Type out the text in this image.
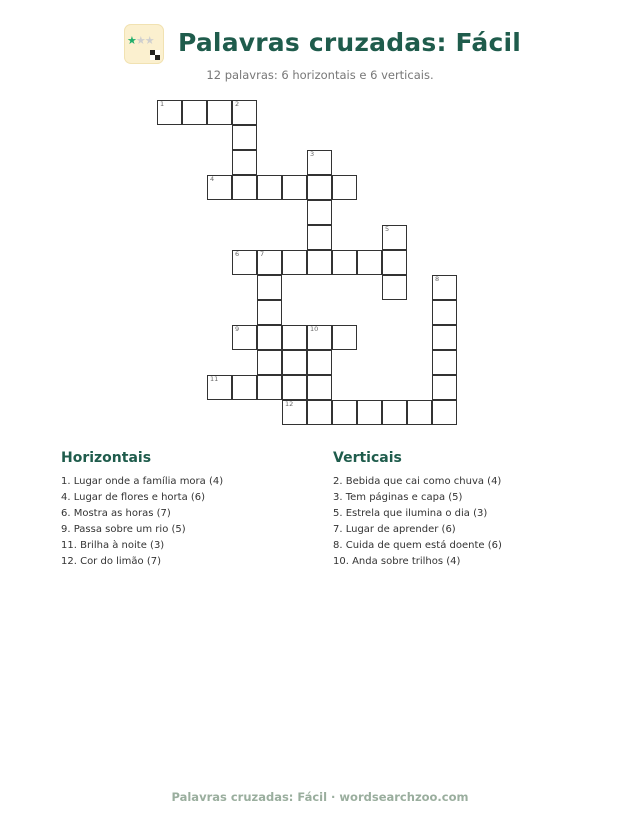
★★★ Palavras cruzadas: Fácil
12 palavras: 6 horizontais e 6 verticais.
1	2
3
4
5
6	7
8
9	10
11
12
Horizontais
1. Lugar onde a família mora (4)
4. Lugar de flores e horta (6)
6. Mostra as horas (7)
9. Passa sobre um rio (5)
11. Brilha à noite (3)
12. Cor do limão (7)
Verticais
2. Bebida que cai como chuva (4)
3. Tem páginas e capa (5)
5. Estrela que ilumina o dia (3)
7. Lugar de aprender (6)
8. Cuida de quem está doente (6)
10. Anda sobre trilhos (4)
Palavras cruzadas: Fácil · wordsearchzoo.com
